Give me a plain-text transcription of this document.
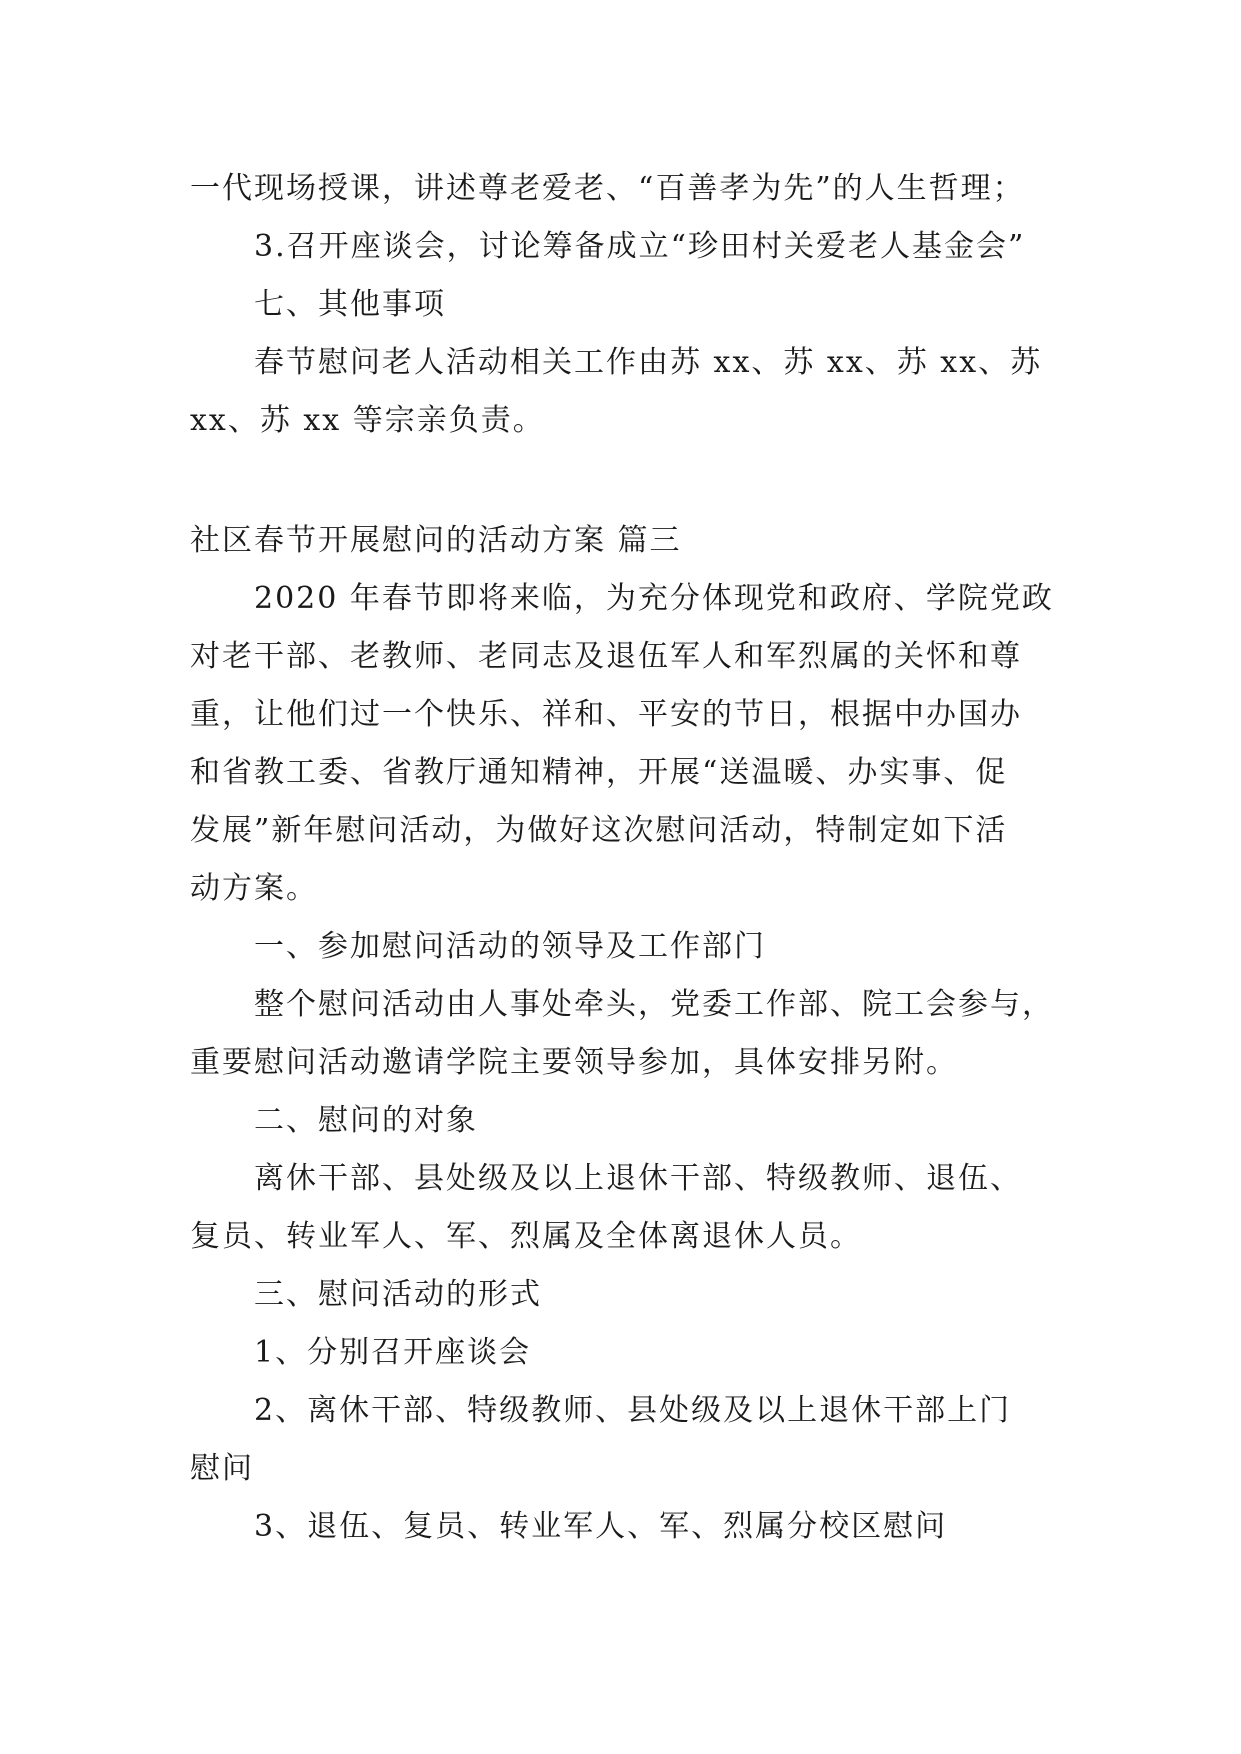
一代现场授课，讲述尊老爱老、“百善孝为先”的人生哲理；
3.召开座谈会，讨论筹备成立“珍田村关爱老人基金会”
七、其他事项
春节慰问老人活动相关工作由苏 xx、苏 xx、苏 xx、苏
xx、苏 xx 等宗亲负责。
社区春节开展慰问的活动方案 篇三
2020 年春节即将来临，为充分体现党和政府、学院党政
对老干部、老教师、老同志及退伍军人和军烈属的关怀和尊
重，让他们过一个快乐、祥和、平安的节日，根据中办国办
和省教工委、省教厅通知精神，开展“送温暖、办实事、促
发展”新年慰问活动，为做好这次慰问活动，特制定如下活
动方案。
一、参加慰问活动的领导及工作部门
整个慰问活动由人事处牵头，党委工作部、院工会参与，
重要慰问活动邀请学院主要领导参加，具体安排另附。
二、慰问的对象
离休干部、县处级及以上退休干部、特级教师、退伍、
复员、转业军人、军、烈属及全体离退休人员。
三、慰问活动的形式
1、分别召开座谈会
2、离休干部、特级教师、县处级及以上退休干部上门
慰问
3、退伍、复员、转业军人、军、烈属分校区慰问
